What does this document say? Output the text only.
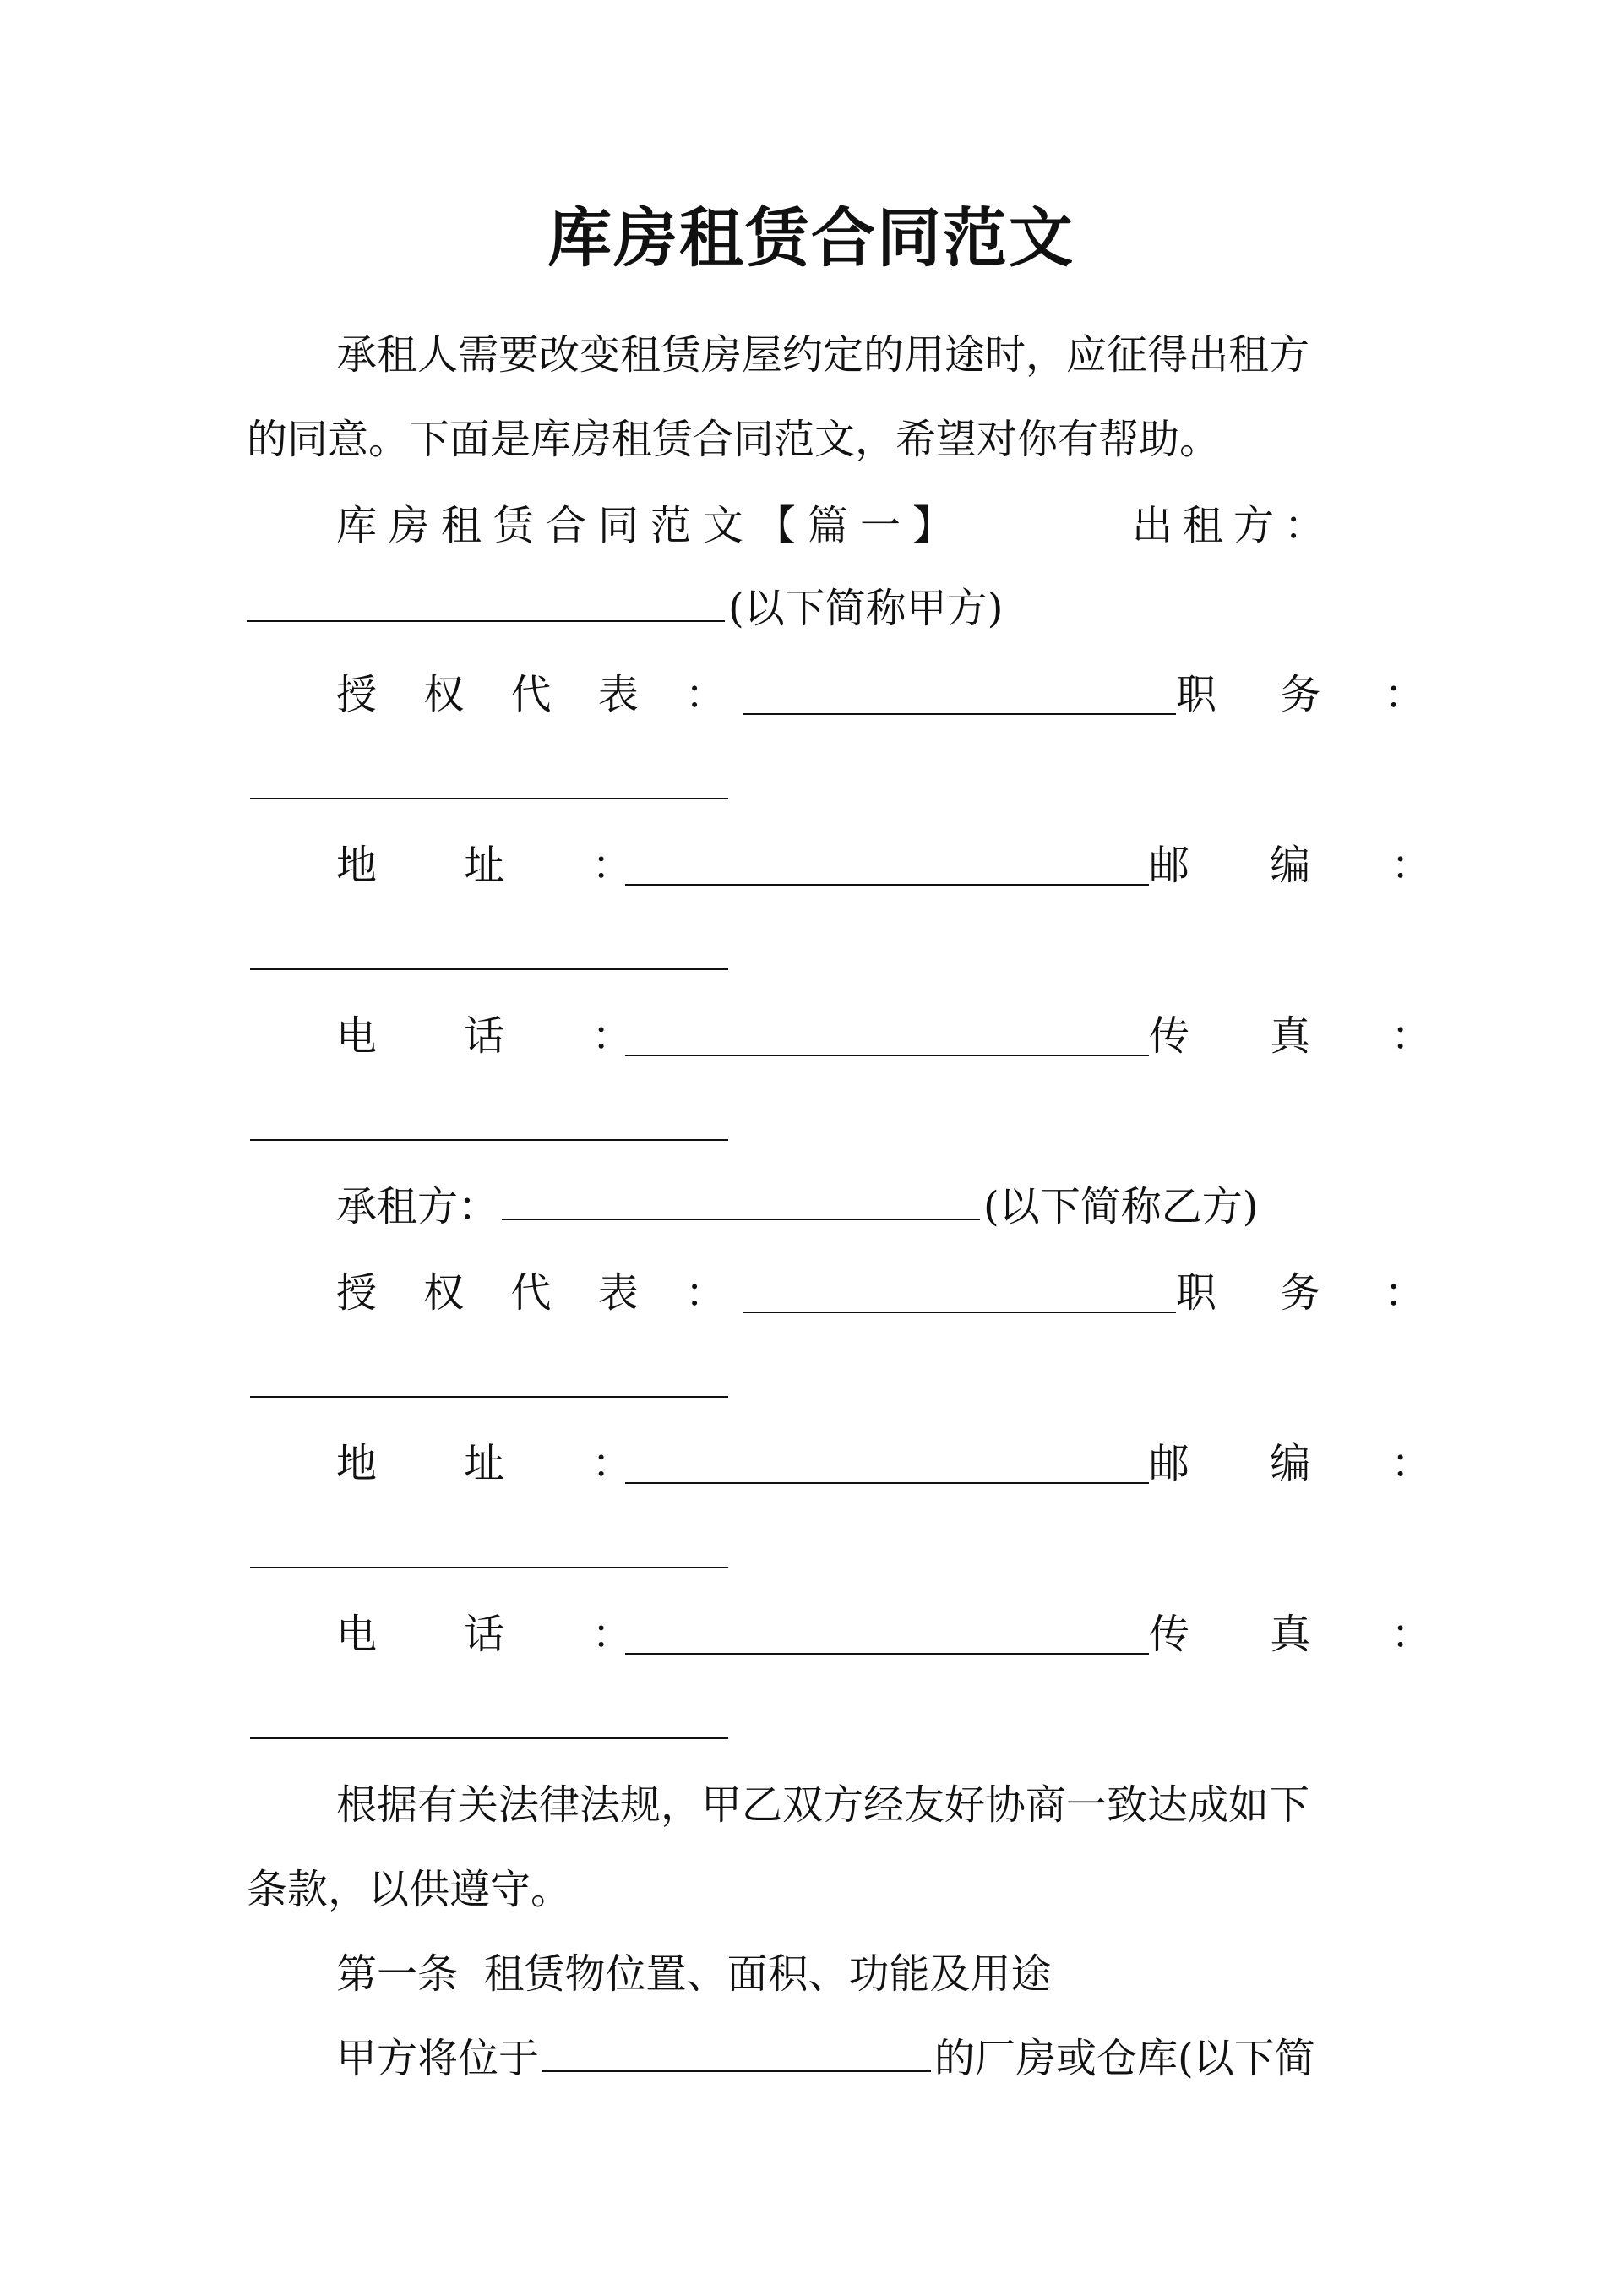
库房租赁合同范文
承租人需要改变租赁房屋约定的用途时，应征得出租方
的同意。下面是库房租赁合同范文，希望对你有帮助。
库房租赁合同范文【篇一】	出租方：
(以下简称甲方)
授 权 代 表 ：	职 务 ：
地 址 ：	邮 编 ：
电 话 ：	传 真 ：
承租方：	(以下简称乙方)
授 权 代 表 ：	职 务 ：
地 址 ：	邮 编 ：
电 话 ：	传 真 ：
根据有关法律法规，甲乙双方经友好协商一致达成如下
条款，以供遵守。
第一条  租赁物位置、面积、功能及用途
甲方将位于	的厂房或仓库(以下简
